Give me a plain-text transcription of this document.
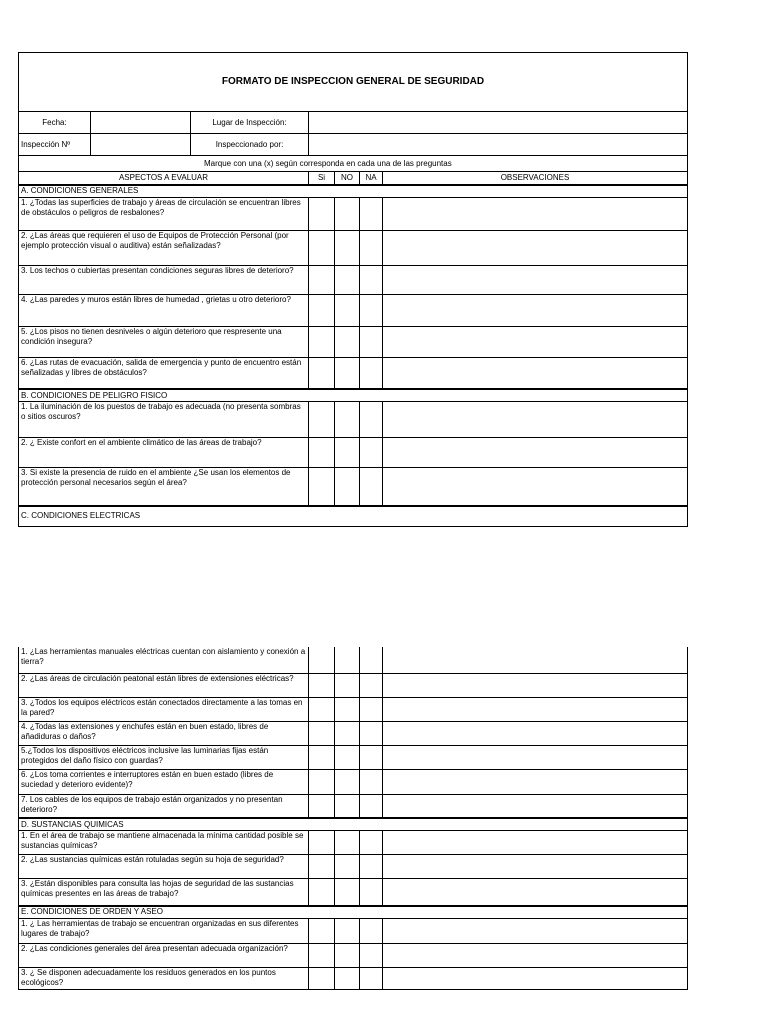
FORMATO DE INSPECCION GENERAL DE SEGURIDAD						
Fecha:		Lugar de Inspección:				
Inspección Nº		Inspeccionado por:				
Marque con una (x) según corresponda en cada una de las preguntas						
ASPECTOS A EVALUAR			Si	NO	NA	OBSERVACIONES
A. CONDICIONES GENERALES						
1. ¿Todas las superficies de trabajo y áreas de circulación se encuentran libres de obstáculos o peligros de resbalones?						
2. ¿Las áreas que requieren el uso de Equipos de Protección Personal (por ejemplo protección visual o auditiva) están señalizadas?						
3. Los techos o cubiertas presentan condiciones seguras libres de deterioro?						
4. ¿Las paredes y muros están libres de humedad , grietas u otro deterioro?						
5. ¿Los pisos no tienen desniveles o algún deterioro que respresente una condición insegura?						
6. ¿Las rutas de evacuación, salida de emergencia y punto de encuentro están señalizadas y libres de obstáculos?						
B. CONDICIONES DE PELIGRO FISICO						
1. La iluminación de los puestos de trabajo es adecuada (no presenta sombras o sitios oscuros?						
2. ¿ Existe confort en el ambiente climático de las áreas de trabajo?						
3. Si existe la presencia de ruido en el ambiente ¿Se usan los elementos de protección personal necesarios según el área?						
C. CONDICIONES ELECTRICAS						
1. ¿Las herramientas manuales eléctricas cuentan con aislamiento y conexión a tierra?				
2. ¿Las áreas de circulación peatonal están libres de extensiones eléctricas?				
3. ¿Todos los equipos eléctricos están conectados directamente a las tomas en la pared?				
4. ¿Todas las extensiones y enchufes están en buen estado, libres de añadiduras o daños?				
5.¿Todos los dispositivos eléctricos inclusive las luminarias fijas están protegidos del daño físico con guardas?				
6. ¿Los toma corrientes e interruptores están en buen estado (libres de suciedad y deterioro evidente)?				
7. Los cables de los equipos de trabajo están organizados y no presentan deterioro?				
D. SUSTANCIAS QUIMICAS				
1. En el área de trabajo se mantiene almacenada la mínima cantidad posible se sustancias químicas?				
2. ¿Las sustancias químicas están rotuladas según su hoja de seguridad?				
3. ¿Están disponibles para consulta las hojas de seguridad de las sustancias químicas presentes en las áreas de trabajo?				
E. CONDICIONES DE ORDEN Y ASEO				
1. ¿ Las herramientas de trabajo se encuentran organizadas en sus diferentes lugares de trabajo?				
2. ¿Las condiciones generales del área presentan adecuada organización?				
3. ¿ Se disponen adecuadamente los residuos generados en los puntos ecológicos?				
